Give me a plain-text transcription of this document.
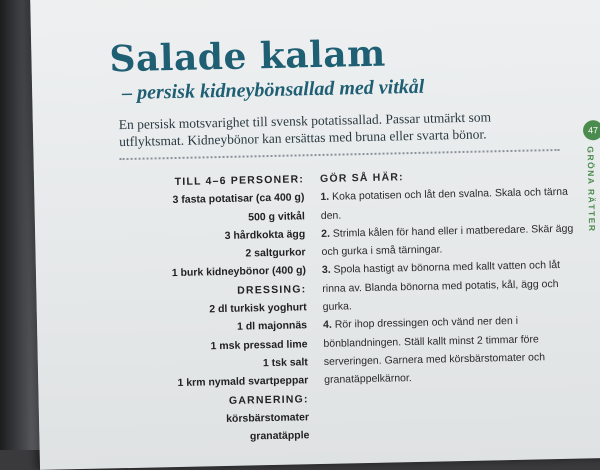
Salade kalam
– persisk kidneybönsallad med vitkål

En persisk motsvarighet till svensk potatissallad. Passar utmärkt som utflyktsmat. Kidneybönor kan ersättas med bruna eller svarta bönor.

TILL 4–6 PERSONER:
3 fasta potatisar (ca 400 g)
500 g vitkål
3 hårdkokta ägg
2 saltgurkor
1 burk kidneybönor (400 g)
DRESSING:
2 dl turkisk yoghurt
1 dl majonnäs
1 msk pressad lime
1 tsk salt
1 krm nymald svartpeppar
GARNERING:
körsbärstomater
granatäpple
GÖR SÅ HÄR:

1. Koka potatisen och låt den svalna. Skala och tärna den.

2. Strimla kålen för hand eller i matberedare. Skär ägg och gurka i små tärningar.

3. Spola hastigt av bönorna med kallt vatten och låt rinna av. Blanda bönorna med potatis, kål, ägg och gurka.

4. Rör ihop dressingen och vänd ner den i bönblandningen. Ställ kallt minst 2 timmar före serveringen. Garnera med körsbärstomater och granatäppelkärnor.

47
GRÖNA RÄTTER
